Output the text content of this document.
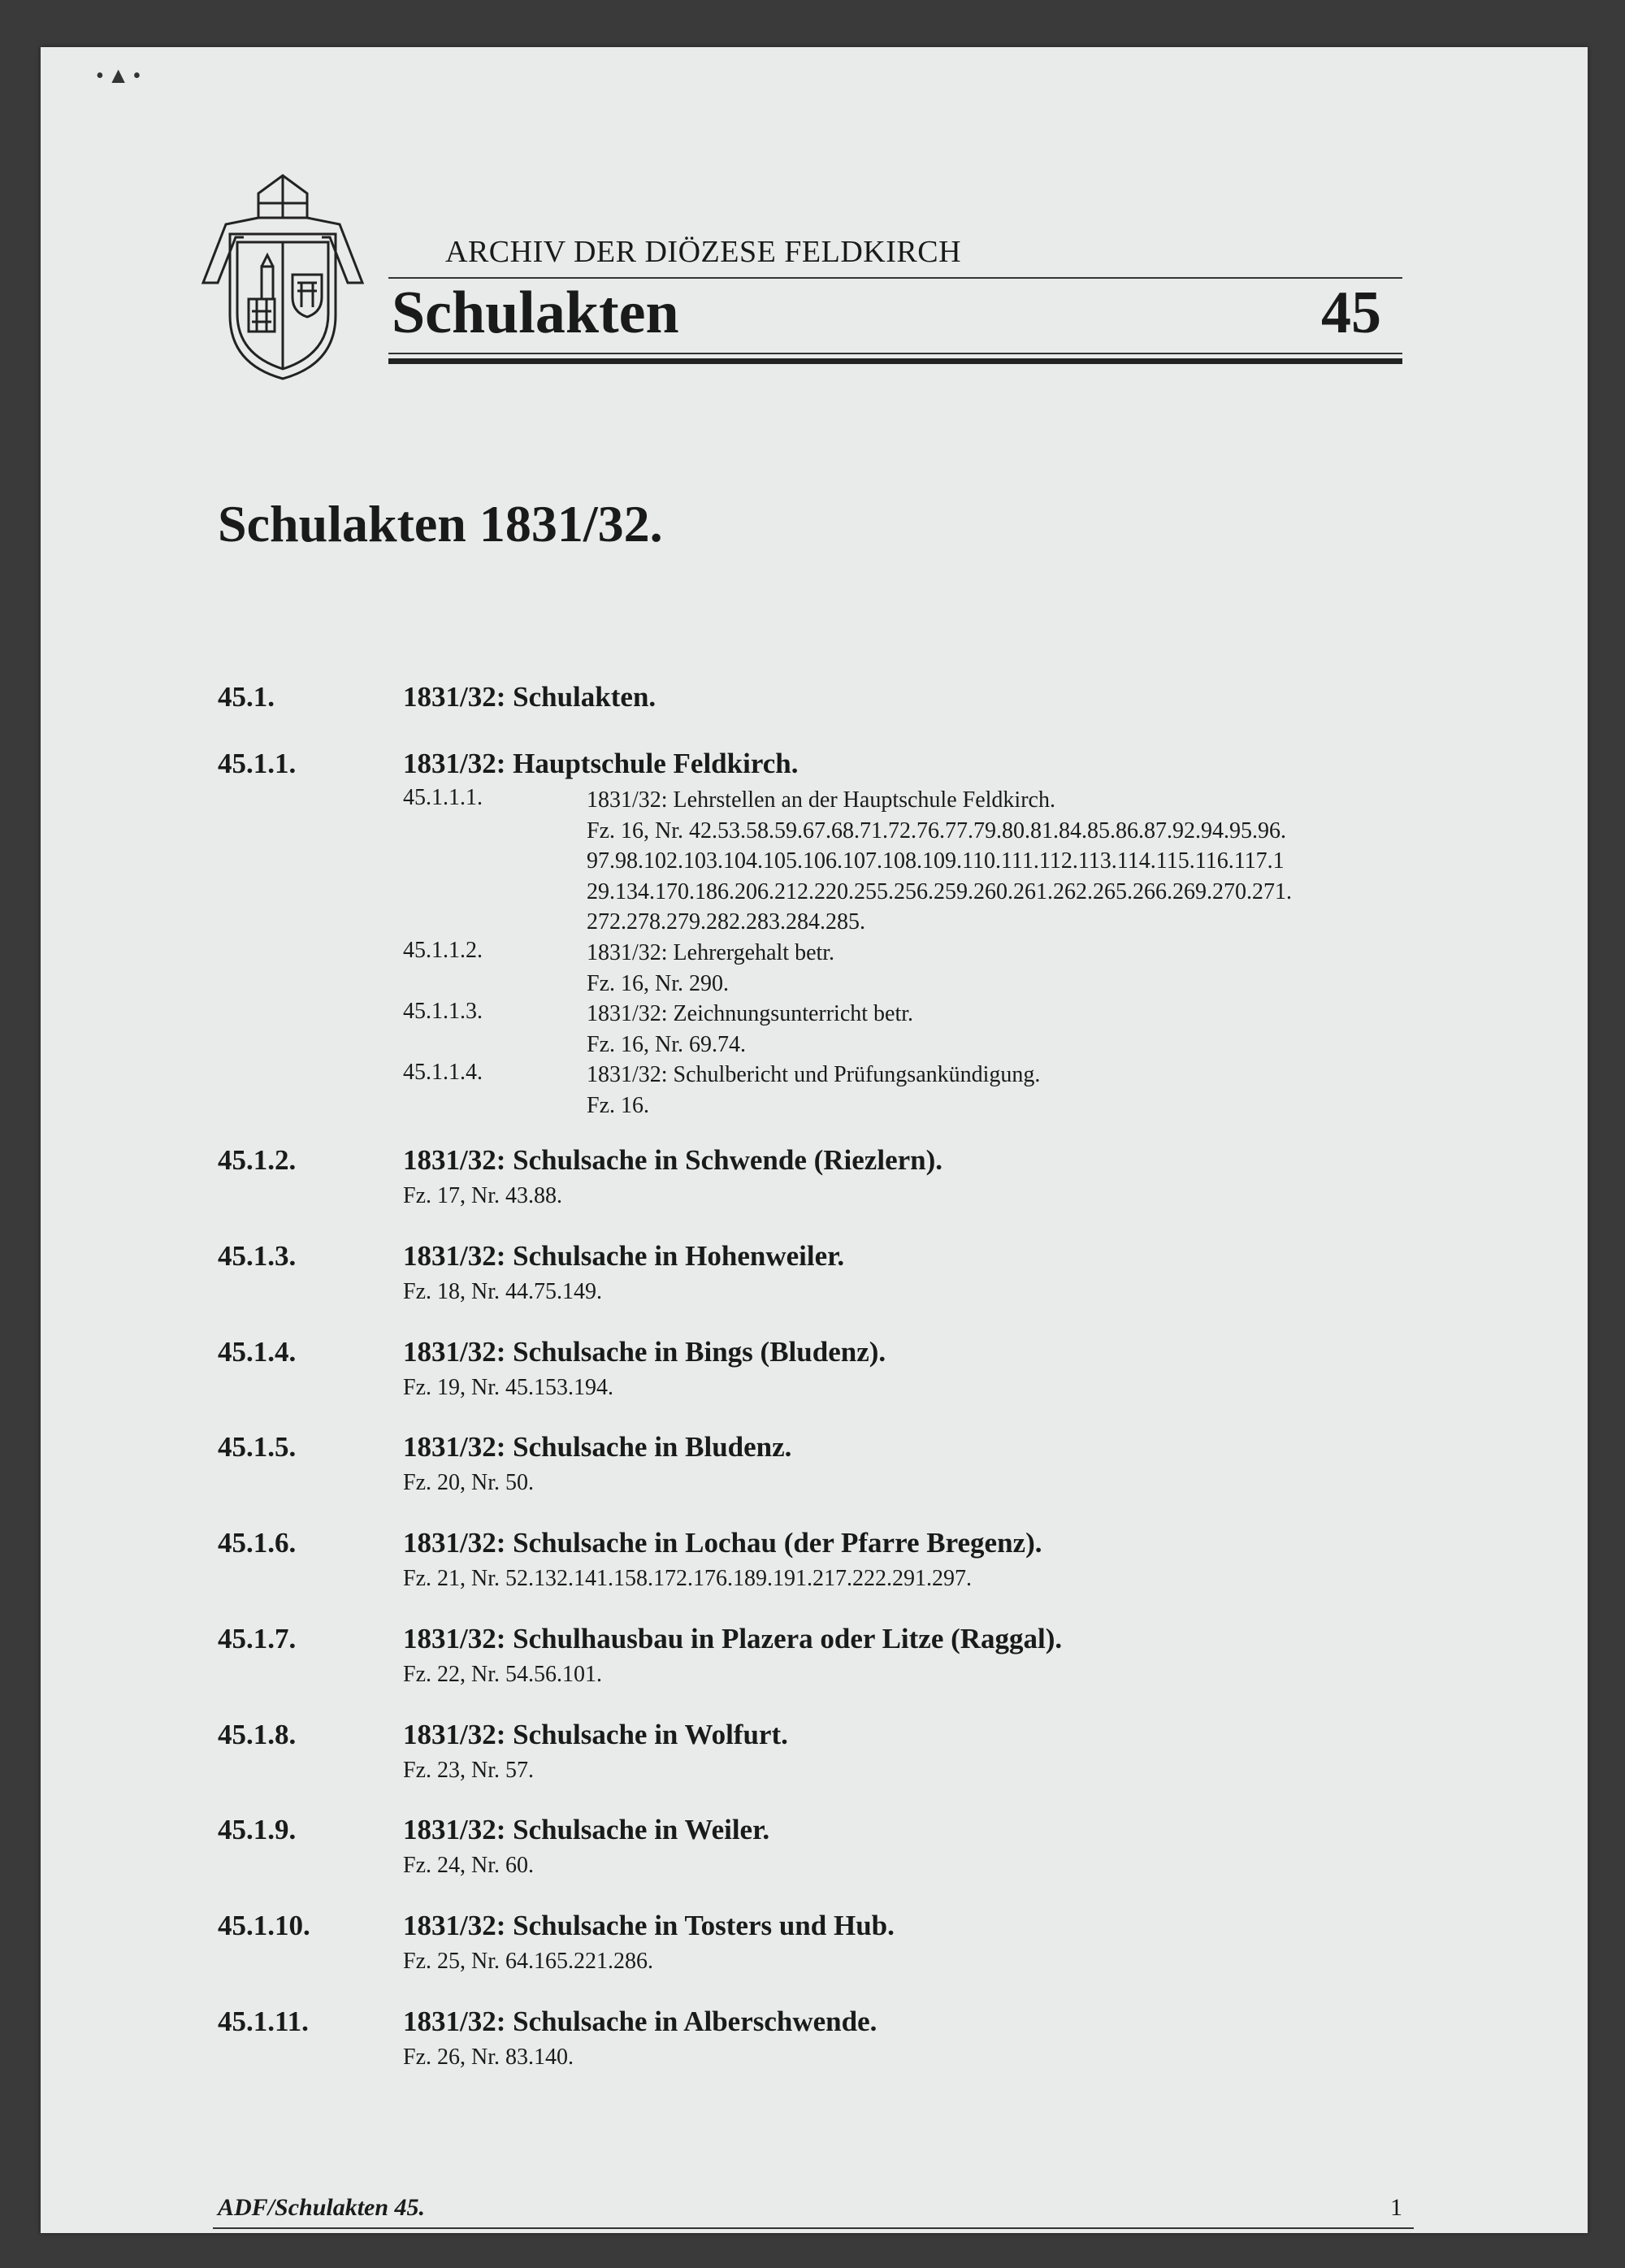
•▲•
ARCHIV DER DIÖZESE FELDKIRCH
Schulakten	45
Schulakten 1831/32.
45.1.	1831/32: Schulakten.
45.1.1.	1831/32: Hauptschule Feldkirch.
45.1.1.1.	1831/32: Lehrstellen an der Hauptschule Feldkirch.
Fz. 16, Nr. 42.53.58.59.67.68.71.72.76.77.79.80.81.84.85.86.87.92.94.95.96.
97.98.102.103.104.105.106.107.108.109.110.111.112.113.114.115.116.117.1
29.134.170.186.206.212.220.255.256.259.260.261.262.265.266.269.270.271.
272.278.279.282.283.284.285.
45.1.1.2.	1831/32: Lehrergehalt betr.
Fz. 16, Nr. 290.
45.1.1.3.	1831/32: Zeichnungsunterricht betr.
Fz. 16, Nr. 69.74.
45.1.1.4.	1831/32: Schulbericht und Prüfungsankündigung.
Fz. 16.
45.1.2.	1831/32: Schulsache in Schwende (Riezlern).
Fz. 17, Nr. 43.88.
45.1.3.	1831/32: Schulsache in Hohenweiler.
Fz. 18, Nr. 44.75.149.
45.1.4.	1831/32: Schulsache in Bings (Bludenz).
Fz. 19, Nr. 45.153.194.
45.1.5.	1831/32: Schulsache in Bludenz.
Fz. 20, Nr. 50.
45.1.6.	1831/32: Schulsache in Lochau (der Pfarre Bregenz).
Fz. 21, Nr. 52.132.141.158.172.176.189.191.217.222.291.297.
45.1.7.	1831/32: Schulhausbau in Plazera oder Litze (Raggal).
Fz. 22, Nr. 54.56.101.
45.1.8.	1831/32: Schulsache in Wolfurt.
Fz. 23, Nr. 57.
45.1.9.	1831/32: Schulsache in Weiler.
Fz. 24, Nr. 60.
45.1.10.	1831/32: Schulsache in Tosters und Hub.
Fz. 25, Nr. 64.165.221.286.
45.1.11.	1831/32: Schulsache in Alberschwende.
Fz. 26, Nr. 83.140.
ADF/Schulakten 45.	1
